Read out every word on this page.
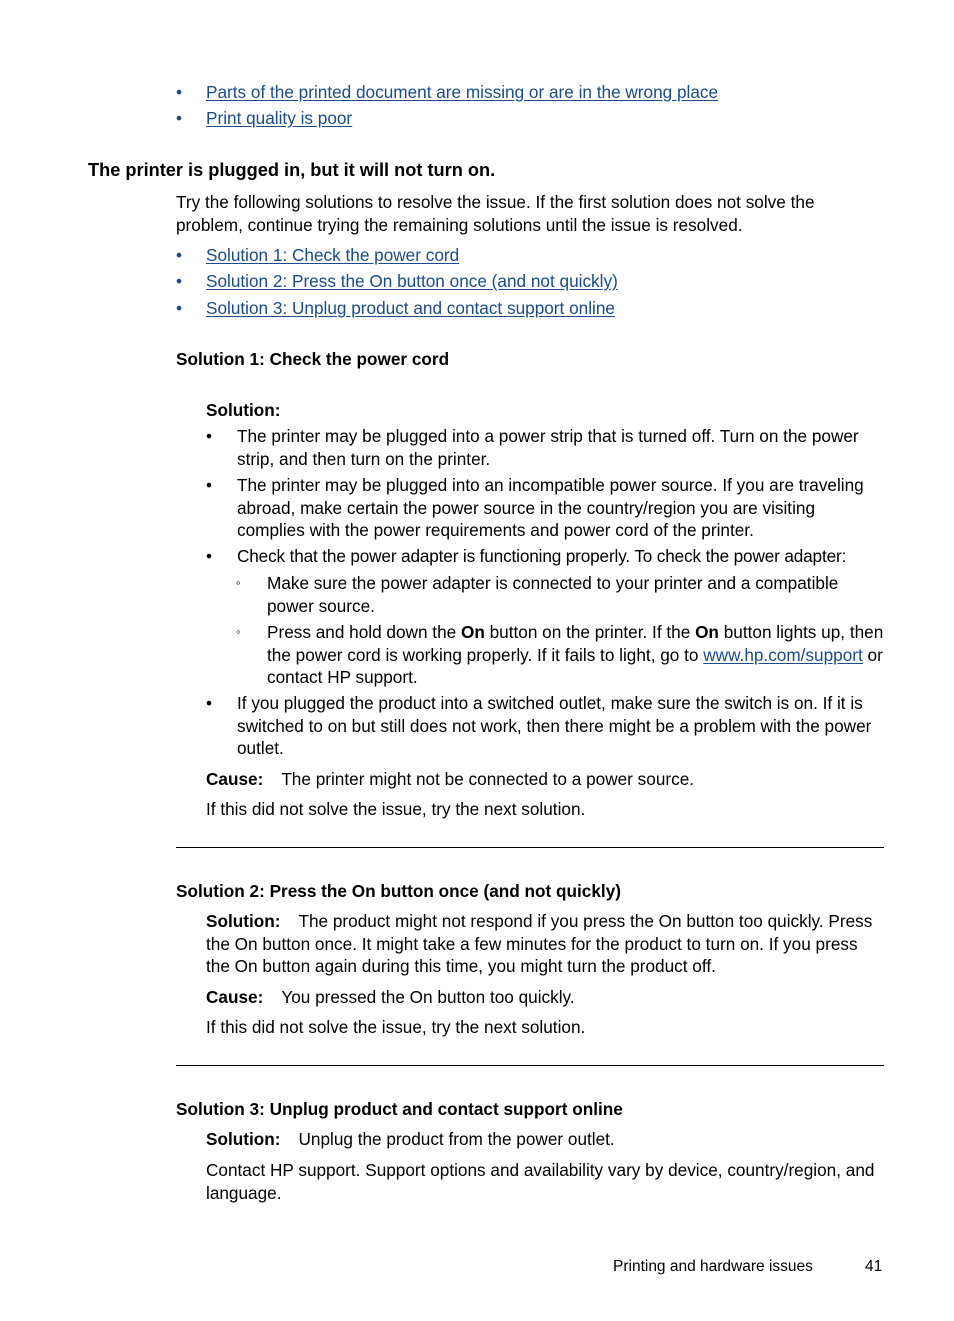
• Parts of the printed document are missing or are in the wrong place
• Print quality is poor
The printer is plugged in, but it will not turn on.
Try the following solutions to resolve the issue. If the first solution does not solve the problem, continue trying the remaining solutions until the issue is resolved.
• Solution 1: Check the power cord
• Solution 2: Press the On button once (and not quickly)
• Solution 3: Unplug product and contact support online
Solution 1: Check the power cord
Solution:
• The printer may be plugged into a power strip that is turned off. Turn on the power strip, and then turn on the printer.
• The printer may be plugged into an incompatible power source. If you are traveling abroad, make certain the power source in the country/region you are visiting complies with the power requirements and power cord of the printer.
• Check that the power adapter is functioning properly. To check the power adapter:
◦ Make sure the power adapter is connected to your printer and a compatible power source.
◦ Press and hold down the On button on the printer. If the On button lights up, then the power cord is working properly. If it fails to light, go to www.hp.com/support or contact HP support.
• If you plugged the product into a switched outlet, make sure the switch is on. If it is switched to on but still does not work, then there might be a problem with the power outlet.
Cause: The printer might not be connected to a power source.
If this did not solve the issue, try the next solution.
Solution 2: Press the On button once (and not quickly)
Solution: The product might not respond if you press the On button too quickly. Press the On button once. It might take a few minutes for the product to turn on. If you press the On button again during this time, you might turn the product off.
Cause: You pressed the On button too quickly.
If this did not solve the issue, try the next solution.
Solution 3: Unplug product and contact support online
Solution: Unplug the product from the power outlet.
Contact HP support. Support options and availability vary by device, country/region, and language.
Printing and hardware issues	41
